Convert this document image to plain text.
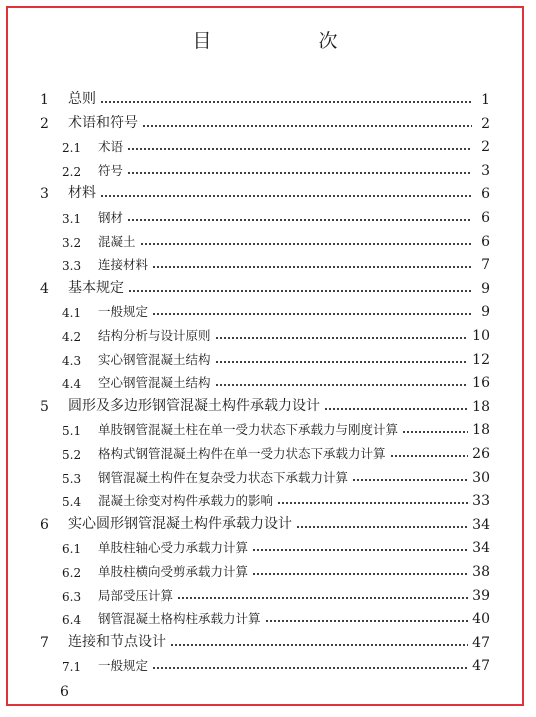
目　次
1	总则	1
2	术语和符号	2
2.1	术语	2
2.2	符号	3
3	材料	6
3.1	钢材	6
3.2	混凝土	6
3.3	连接材料	7
4	基本规定	9
4.1	一般规定	9
4.2	结构分析与设计原则	10
4.3	实心钢管混凝土结构	12
4.4	空心钢管混凝土结构	16
5	圆形及多边形钢管混凝土构件承载力设计	18
5.1	单肢钢管混凝土柱在单一受力状态下承载力与刚度计算	18
5.2	格构式钢管混凝土构件在单一受力状态下承载力计算	26
5.3	钢管混凝土构件在复杂受力状态下承载力计算	30
5.4	混凝土徐变对构件承载力的影响	33
6	实心圆形钢管混凝土构件承载力设计	34
6.1	单肢柱轴心受力承载力计算	34
6.2	单肢柱横向受剪承载力计算	38
6.3	局部受压计算	39
6.4	钢管混凝土格构柱承载力计算	40
7	连接和节点设计	47
7.1	一般规定	47
6
